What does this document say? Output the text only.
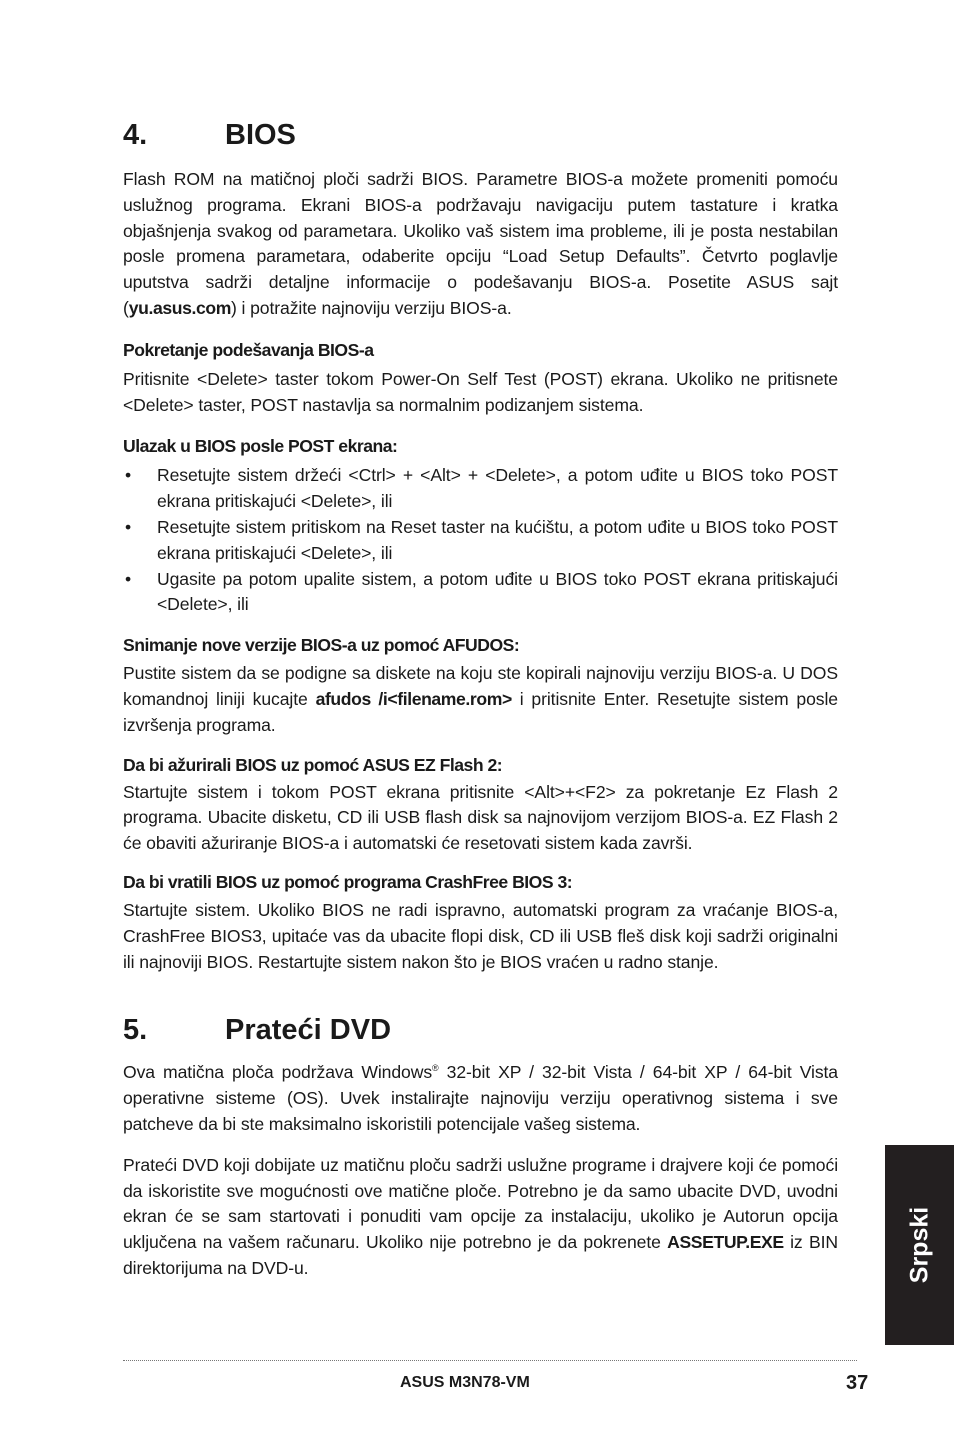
4.	BIOS

Flash ROM na matičnoj ploči sadrži BIOS. Parametre BIOS-a možete promeniti pomoću uslužnog programa. Ekrani BIOS-a podržavaju navigaciju putem tastature i kratka objašnjenja svakog od parametara. Ukoliko vaš sistem ima probleme, ili je posta nestabilan posle promena parametara, odaberite opciju “Load Setup Defaults”. Četvrto poglavlje uputstva sadrži detaljne informacije o podešavanju BIOS-a. Posetite ASUS sajt (yu.asus.com) i potražite najnoviju verziju BIOS-a.

Pokretanje podešavanja BIOS-a

Pritisnite <Delete> taster tokom Power-On Self Test (POST) ekrana. Ukoliko ne pritisnete <Delete> taster, POST nastavlja sa normalnim podizanjem sistema.

Ulazak u BIOS posle POST ekrana:
• Resetujte sistem držeći <Ctrl> + <Alt> + <Delete>, a potom uđite u BIOS toko POST ekrana pritiskajući <Delete>, ili
• Resetujte sistem pritiskom na Reset taster na kućištu, a potom uđite u BIOS toko POST ekrana pritiskajući <Delete>, ili
• Ugasite pa potom upalite sistem, a potom uđite u BIOS toko POST ekrana pritiskajući <Delete>, ili
Snimanje nove verzije BIOS-a uz pomoć AFUDOS:

Pustite sistem da se podigne sa diskete na koju ste kopirali najnoviju verziju BIOS-a. U DOS komandnoj liniji kucajte afudos /i<filename.rom> i pritisnite Enter. Resetujte sistem posle izvršenja programa.

Da bi ažurirali BIOS uz pomoć ASUS EZ Flash 2:

Startujte sistem i tokom POST ekrana pritisnite <Alt>+<F2> za pokretanje Ez Flash 2 programa. Ubacite disketu, CD ili USB flash disk sa najnovijom verzijom BIOS-a. EZ Flash 2 će obaviti ažuriranje BIOS-a i automatski će resetovati sistem kada završi.

Da bi vratili BIOS uz pomoć programa CrashFree BIOS 3:

Startujte sistem. Ukoliko BIOS ne radi ispravno, automatski program za vraćanje BIOS-a, CrashFree BIOS3, upitaće vas da ubacite flopi disk, CD ili USB fleš disk koji sadrži originalni ili najnoviji BIOS. Restartujte sistem nakon što je BIOS vraćen u radno stanje.

5.	Prateći DVD

Ova matična ploča podržava Windows® 32-bit XP / 32-bit Vista / 64-bit XP / 64-bit Vista operativne sisteme (OS). Uvek instalirajte najnoviju verziju operativnog sistema i sve patcheve da bi ste maksimalno iskoristili potencijale vašeg sistema.

Prateći DVD koji dobijate uz matičnu ploču sadrži uslužne programe i drajvere koji će pomoći da iskoristite sve mogućnosti ove matične ploče. Potrebno je da samo ubacite DVD, uvodni ekran će se sam startovati i ponuditi vam opcije za instalaciju, ukoliko je Autorun opcija uključena na vašem računaru. Ukoliko nije potrebno je da pokrenete ASSETUP.EXE iz BIN direktorijuma na DVD-u.	Srpski
ASUS M3N78-VM	37
